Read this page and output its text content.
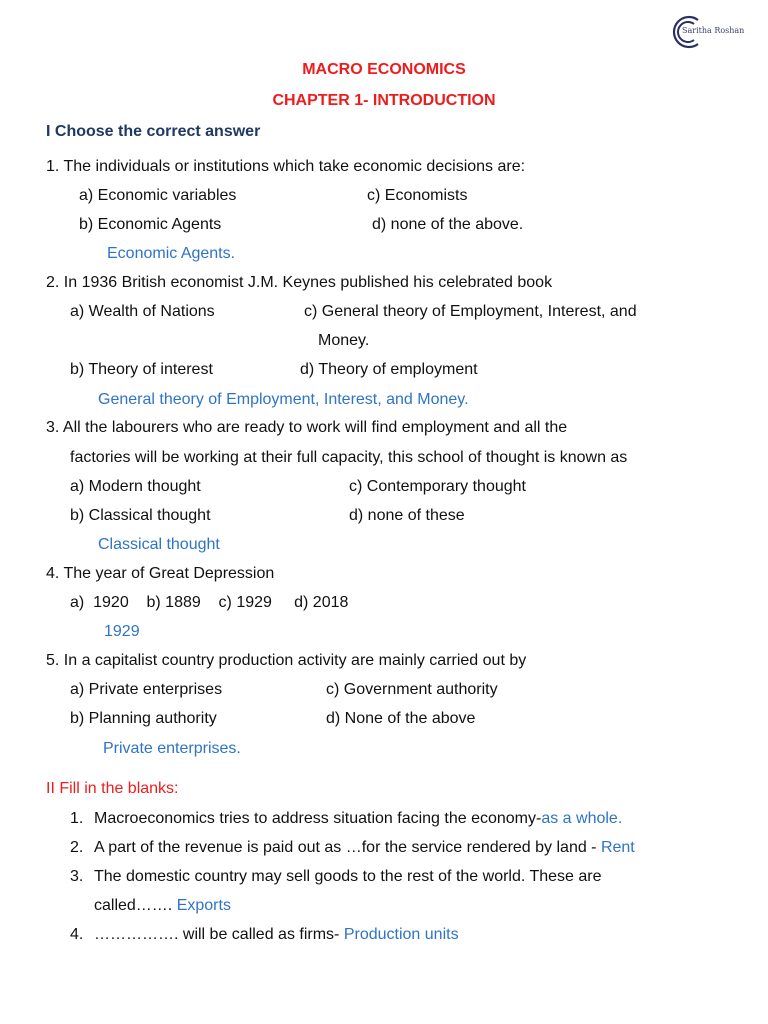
Saritha Roshan
MACRO ECONOMICS
CHAPTER 1- INTRODUCTION
I Choose the correct answer
1. The individuals or institutions which take economic decisions are:
a) Economic variables	c) Economists
b) Economic Agents	d) none of the above.
Economic Agents.
2. In 1936 British economist J.M. Keynes published his celebrated book
a) Wealth of Nations	c) General theory of Employment, Interest, and
Money.
b) Theory of interest	d) Theory of employment
General theory of Employment, Interest, and Money.
3. All the labourers who are ready to work will find employment and all the
factories will be working at their full capacity, this school of thought is known as
a) Modern thought	c) Contemporary thought
b) Classical thought	d) none of these
Classical thought
4. The year of Great Depression
a)  1920    b) 1889    c) 1929     d) 2018
1929
5. In a capitalist country production activity are mainly carried out by
a) Private enterprises	c) Government authority
b) Planning authority	d) None of the above
Private enterprises.
II Fill in the blanks:
1. Macroeconomics tries to address situation facing the economy-as a whole.
2. A part of the revenue is paid out as …for the service rendered by land - Rent
3. The domestic country may sell goods to the rest of the world. These are
called……. Exports
4. ……………. will be called as firms- Production units
